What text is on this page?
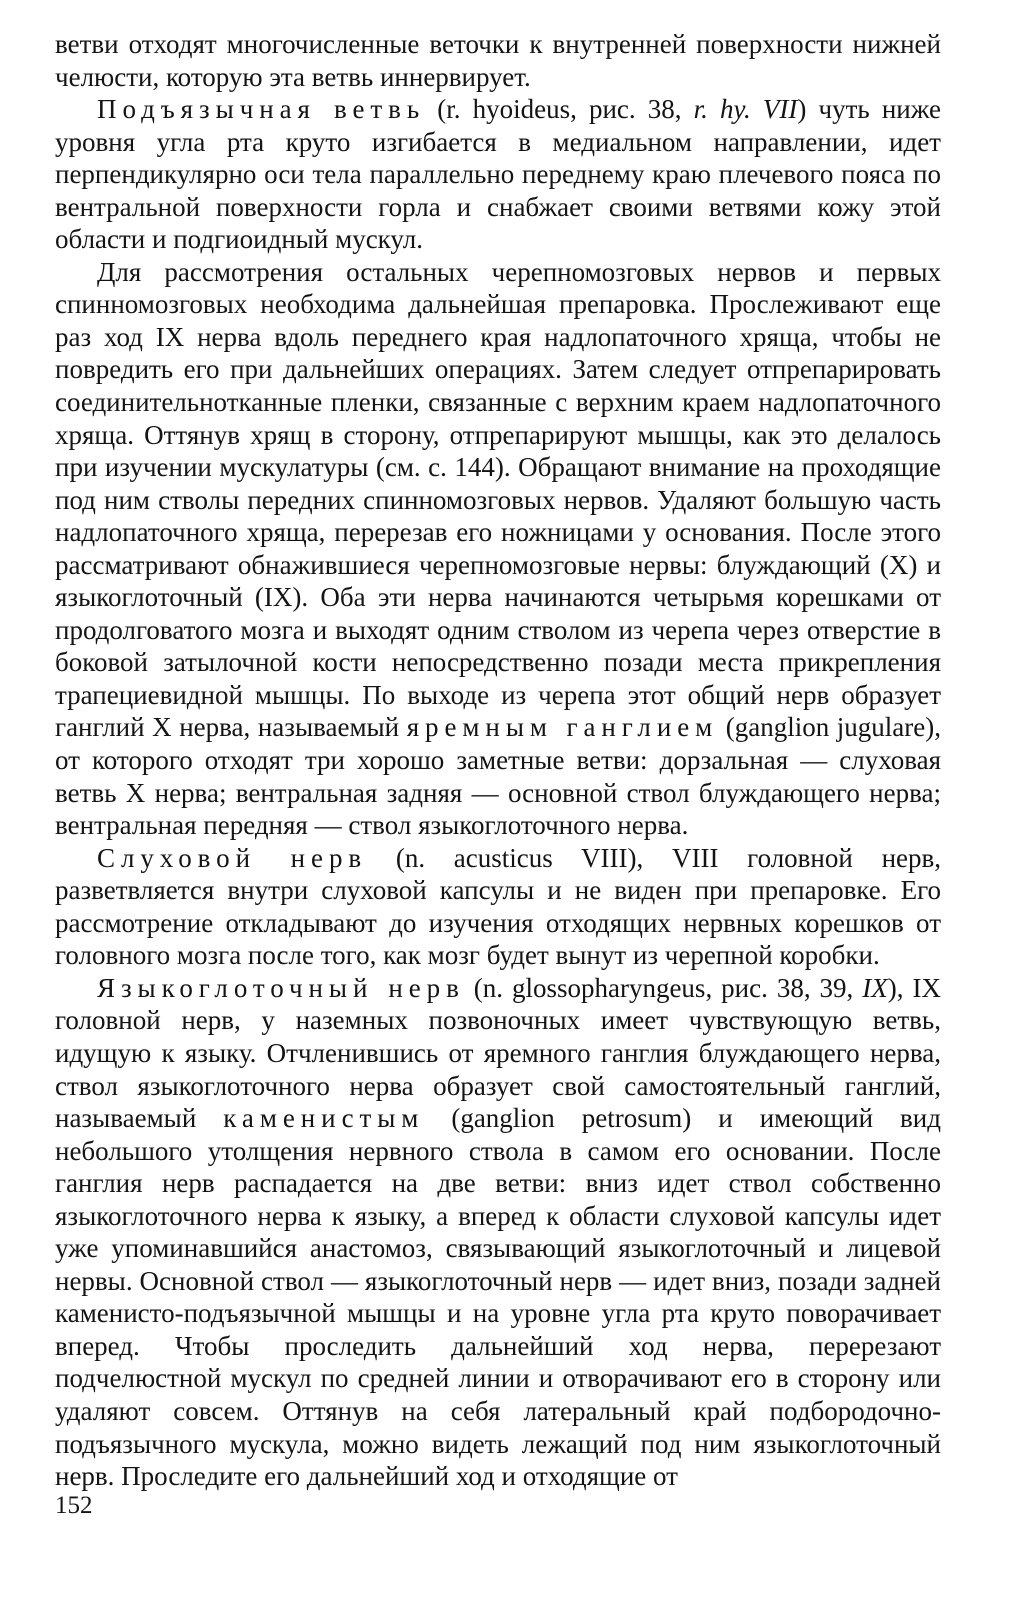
ветви отходят многочисленные веточки к внутренней поверхности нижней челюсти, которую эта ветвь иннервирует.

Подъязычная ветвь (r. hyoideus, рис. 38, r. hy. VII) чуть ниже уровня угла рта круто изгибается в медиальном направлении, идет перпендикулярно оси тела параллельно переднему краю плечевого пояса по вентральной поверхности горла и снабжает своими ветвями кожу этой области и подгиоидный мускул.

Для рассмотрения остальных черепномозговых нервов и первых спинномозговых необходима дальнейшая препаровка. Прослеживают еще раз ход IX нерва вдоль переднего края надлопаточного хряща, чтобы не повредить его при дальнейших операциях. Затем следует отпрепарировать соединительнотканные пленки, связанные с верхним краем надлопаточного хряща. Оттянув хрящ в сторону, отпрепарируют мышцы, как это делалось при изучении мускулатуры (см. с. 144). Обращают внимание на проходящие под ним стволы передних спинномозговых нервов. Удаляют большую часть надлопаточного хряща, перерезав его ножницами у основания. После этого рассматривают обнажившиеся черепномозговые нервы: блуждающий (X) и языкоглоточный (IX). Оба эти нерва начинаются четырьмя корешками от продолговатого мозга и выходят одним стволом из черепа через отверстие в боковой затылочной кости непосредственно позади места прикрепления трапециевидной мышцы. По выходе из черепа этот общий нерв образует ганглий X нерва, называемый яремным ганглием (ganglion jugulare), от которого отходят три хорошо заметные ветви: дорзальная — слуховая ветвь X нерва; вентральная задняя — основной ствол блуждающего нерва; вентральная передняя — ствол языкоглоточного нерва.

Слуховой нерв (n. acusticus VIII), VIII головной нерв, разветвляется внутри слуховой капсулы и не виден при препаровке. Его рассмотрение откладывают до изучения отходящих нервных корешков от головного мозга после того, как мозг будет вынут из черепной коробки.

Языкоглоточный нерв (n. glossopharyngeus, рис. 38, 39, IX), IX головной нерв, у наземных позвоночных имеет чувствующую ветвь, идущую к языку. Отчленившись от яремного ганглия блуждающего нерва, ствол языкоглоточного нерва образует свой самостоятельный ганглий, называемый каменистым (ganglion petrosum) и имеющий вид небольшого утолщения нервного ствола в самом его основании. После ганглия нерв распадается на две ветви: вниз идет ствол собственно языкоглоточного нерва к языку, а вперед к области слуховой капсулы идет уже упоминавшийся анастомоз, связывающий языкоглоточный и лицевой нервы. Основной ствол — языкоглоточный нерв — идет вниз, позади задней каменисто-подъязычной мышцы и на уровне угла рта круто поворачивает вперед. Чтобы проследить дальнейший ход нерва, перерезают подчелюстной мускул по средней линии и отворачивают его в сторону или удаляют совсем. Оттянув на себя латеральный край подбородочно-подъязычного мускула, можно видеть лежащий под ним языкоглоточный нерв. Проследите его дальнейший ход и отходящие от

152
